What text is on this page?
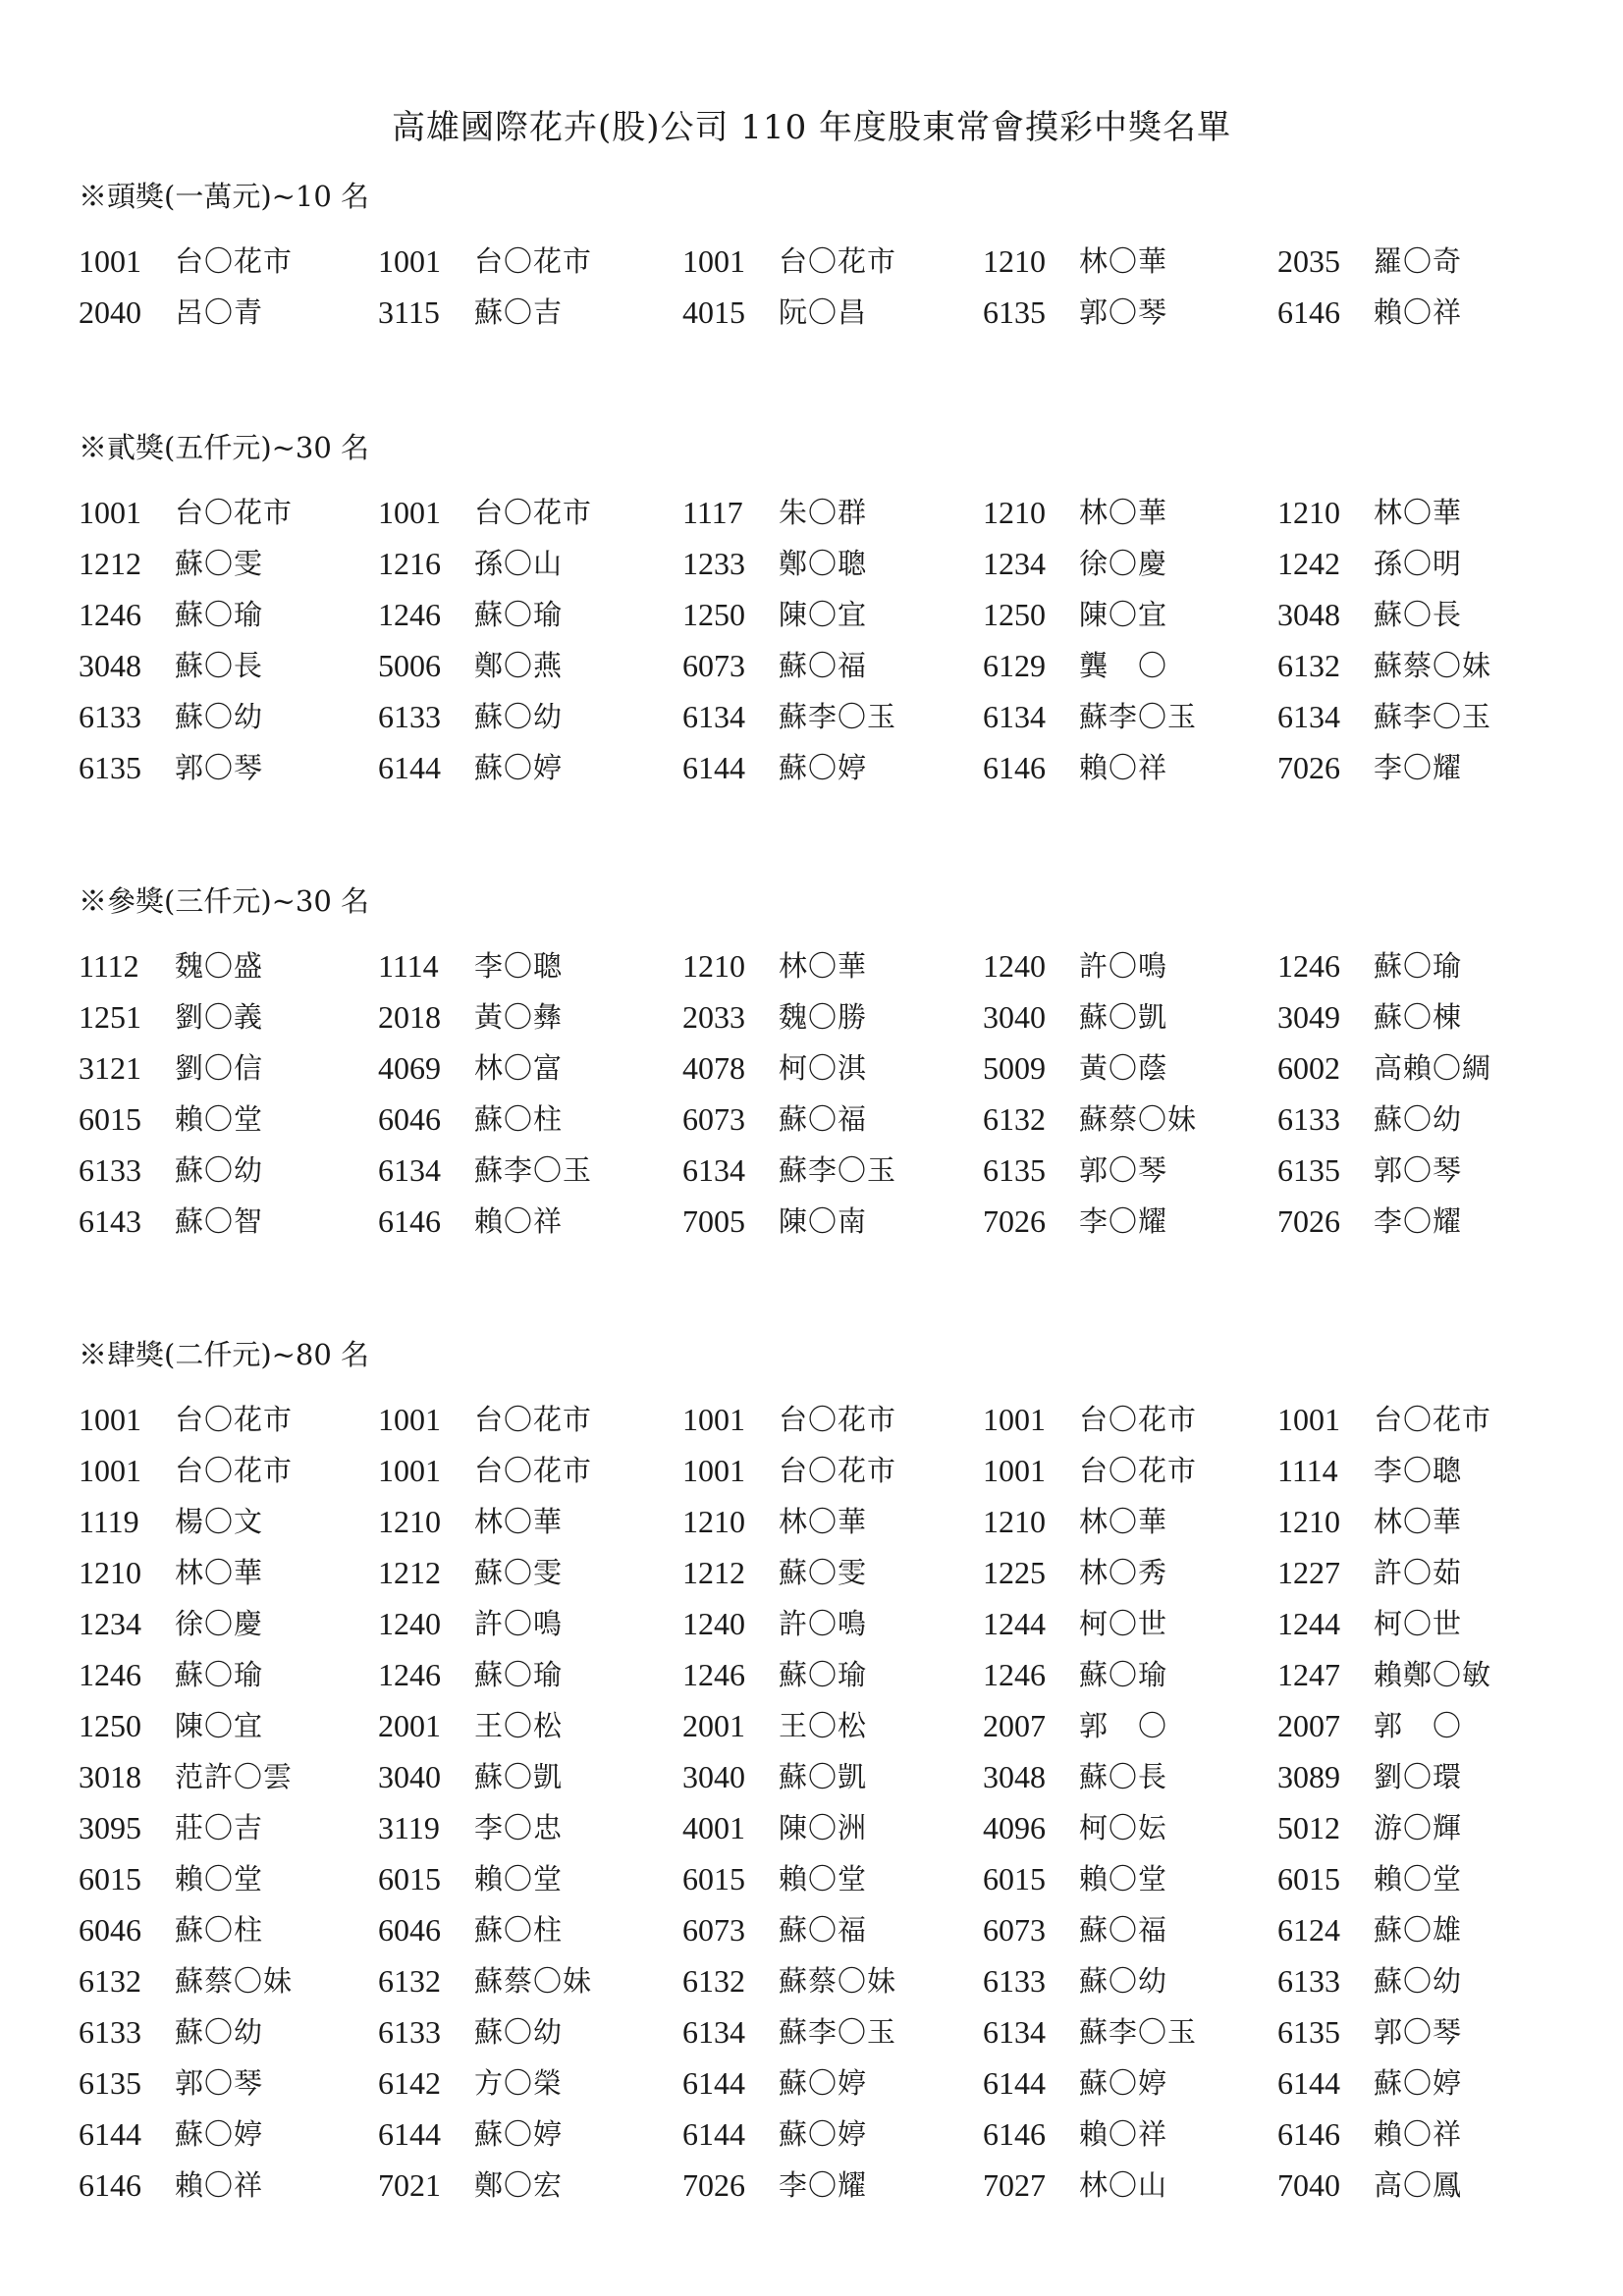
高雄國際花卉(股)公司 110 年度股東常會摸彩中獎名單
※頭獎(一萬元)~10 名
1001	台〇花市	1001	台〇花市	1001	台〇花市	1210	林〇華	2035	羅〇奇
2040	呂〇青	3115	蘇〇吉	4015	阮〇昌	6135	郭〇琴	6146	賴〇祥
※貳獎(五仟元)~30 名
1001	台〇花市	1001	台〇花市	1117	朱〇群	1210	林〇華	1210	林〇華
1212	蘇〇雯	1216	孫〇山	1233	鄭〇聰	1234	徐〇慶	1242	孫〇明
1246	蘇〇瑜	1246	蘇〇瑜	1250	陳〇宜	1250	陳〇宜	3048	蘇〇長
3048	蘇〇長	5006	鄭〇燕	6073	蘇〇福	6129	龔　〇	6132	蘇蔡〇妹
6133	蘇〇幼	6133	蘇〇幼	6134	蘇李〇玉	6134	蘇李〇玉	6134	蘇李〇玉
6135	郭〇琴	6144	蘇〇婷	6144	蘇〇婷	6146	賴〇祥	7026	李〇耀
※參獎(三仟元)~30 名
1112	魏〇盛	1114	李〇聰	1210	林〇華	1240	許〇鳴	1246	蘇〇瑜
1251	劉〇義	2018	黃〇彝	2033	魏〇勝	3040	蘇〇凱	3049	蘇〇棟
3121	劉〇信	4069	林〇富	4078	柯〇淇	5009	黃〇蔭	6002	高賴〇綢
6015	賴〇堂	6046	蘇〇柱	6073	蘇〇福	6132	蘇蔡〇妹	6133	蘇〇幼
6133	蘇〇幼	6134	蘇李〇玉	6134	蘇李〇玉	6135	郭〇琴	6135	郭〇琴
6143	蘇〇智	6146	賴〇祥	7005	陳〇南	7026	李〇耀	7026	李〇耀
※肆獎(二仟元)~80 名
1001	台〇花市	1001	台〇花市	1001	台〇花市	1001	台〇花市	1001	台〇花市
1001	台〇花市	1001	台〇花市	1001	台〇花市	1001	台〇花市	1114	李〇聰
1119	楊〇文	1210	林〇華	1210	林〇華	1210	林〇華	1210	林〇華
1210	林〇華	1212	蘇〇雯	1212	蘇〇雯	1225	林〇秀	1227	許〇茹
1234	徐〇慶	1240	許〇鳴	1240	許〇鳴	1244	柯〇世	1244	柯〇世
1246	蘇〇瑜	1246	蘇〇瑜	1246	蘇〇瑜	1246	蘇〇瑜	1247	賴鄭〇敏
1250	陳〇宜	2001	王〇松	2001	王〇松	2007	郭　〇	2007	郭　〇
3018	范許〇雲	3040	蘇〇凱	3040	蘇〇凱	3048	蘇〇長	3089	劉〇環
3095	莊〇吉	3119	李〇忠	4001	陳〇洲	4096	柯〇妘	5012	游〇輝
6015	賴〇堂	6015	賴〇堂	6015	賴〇堂	6015	賴〇堂	6015	賴〇堂
6046	蘇〇柱	6046	蘇〇柱	6073	蘇〇福	6073	蘇〇福	6124	蘇〇雄
6132	蘇蔡〇妹	6132	蘇蔡〇妹	6132	蘇蔡〇妹	6133	蘇〇幼	6133	蘇〇幼
6133	蘇〇幼	6133	蘇〇幼	6134	蘇李〇玉	6134	蘇李〇玉	6135	郭〇琴
6135	郭〇琴	6142	方〇榮	6144	蘇〇婷	6144	蘇〇婷	6144	蘇〇婷
6144	蘇〇婷	6144	蘇〇婷	6144	蘇〇婷	6146	賴〇祥	6146	賴〇祥
6146	賴〇祥	7021	鄭〇宏	7026	李〇耀	7027	林〇山	7040	高〇鳳
